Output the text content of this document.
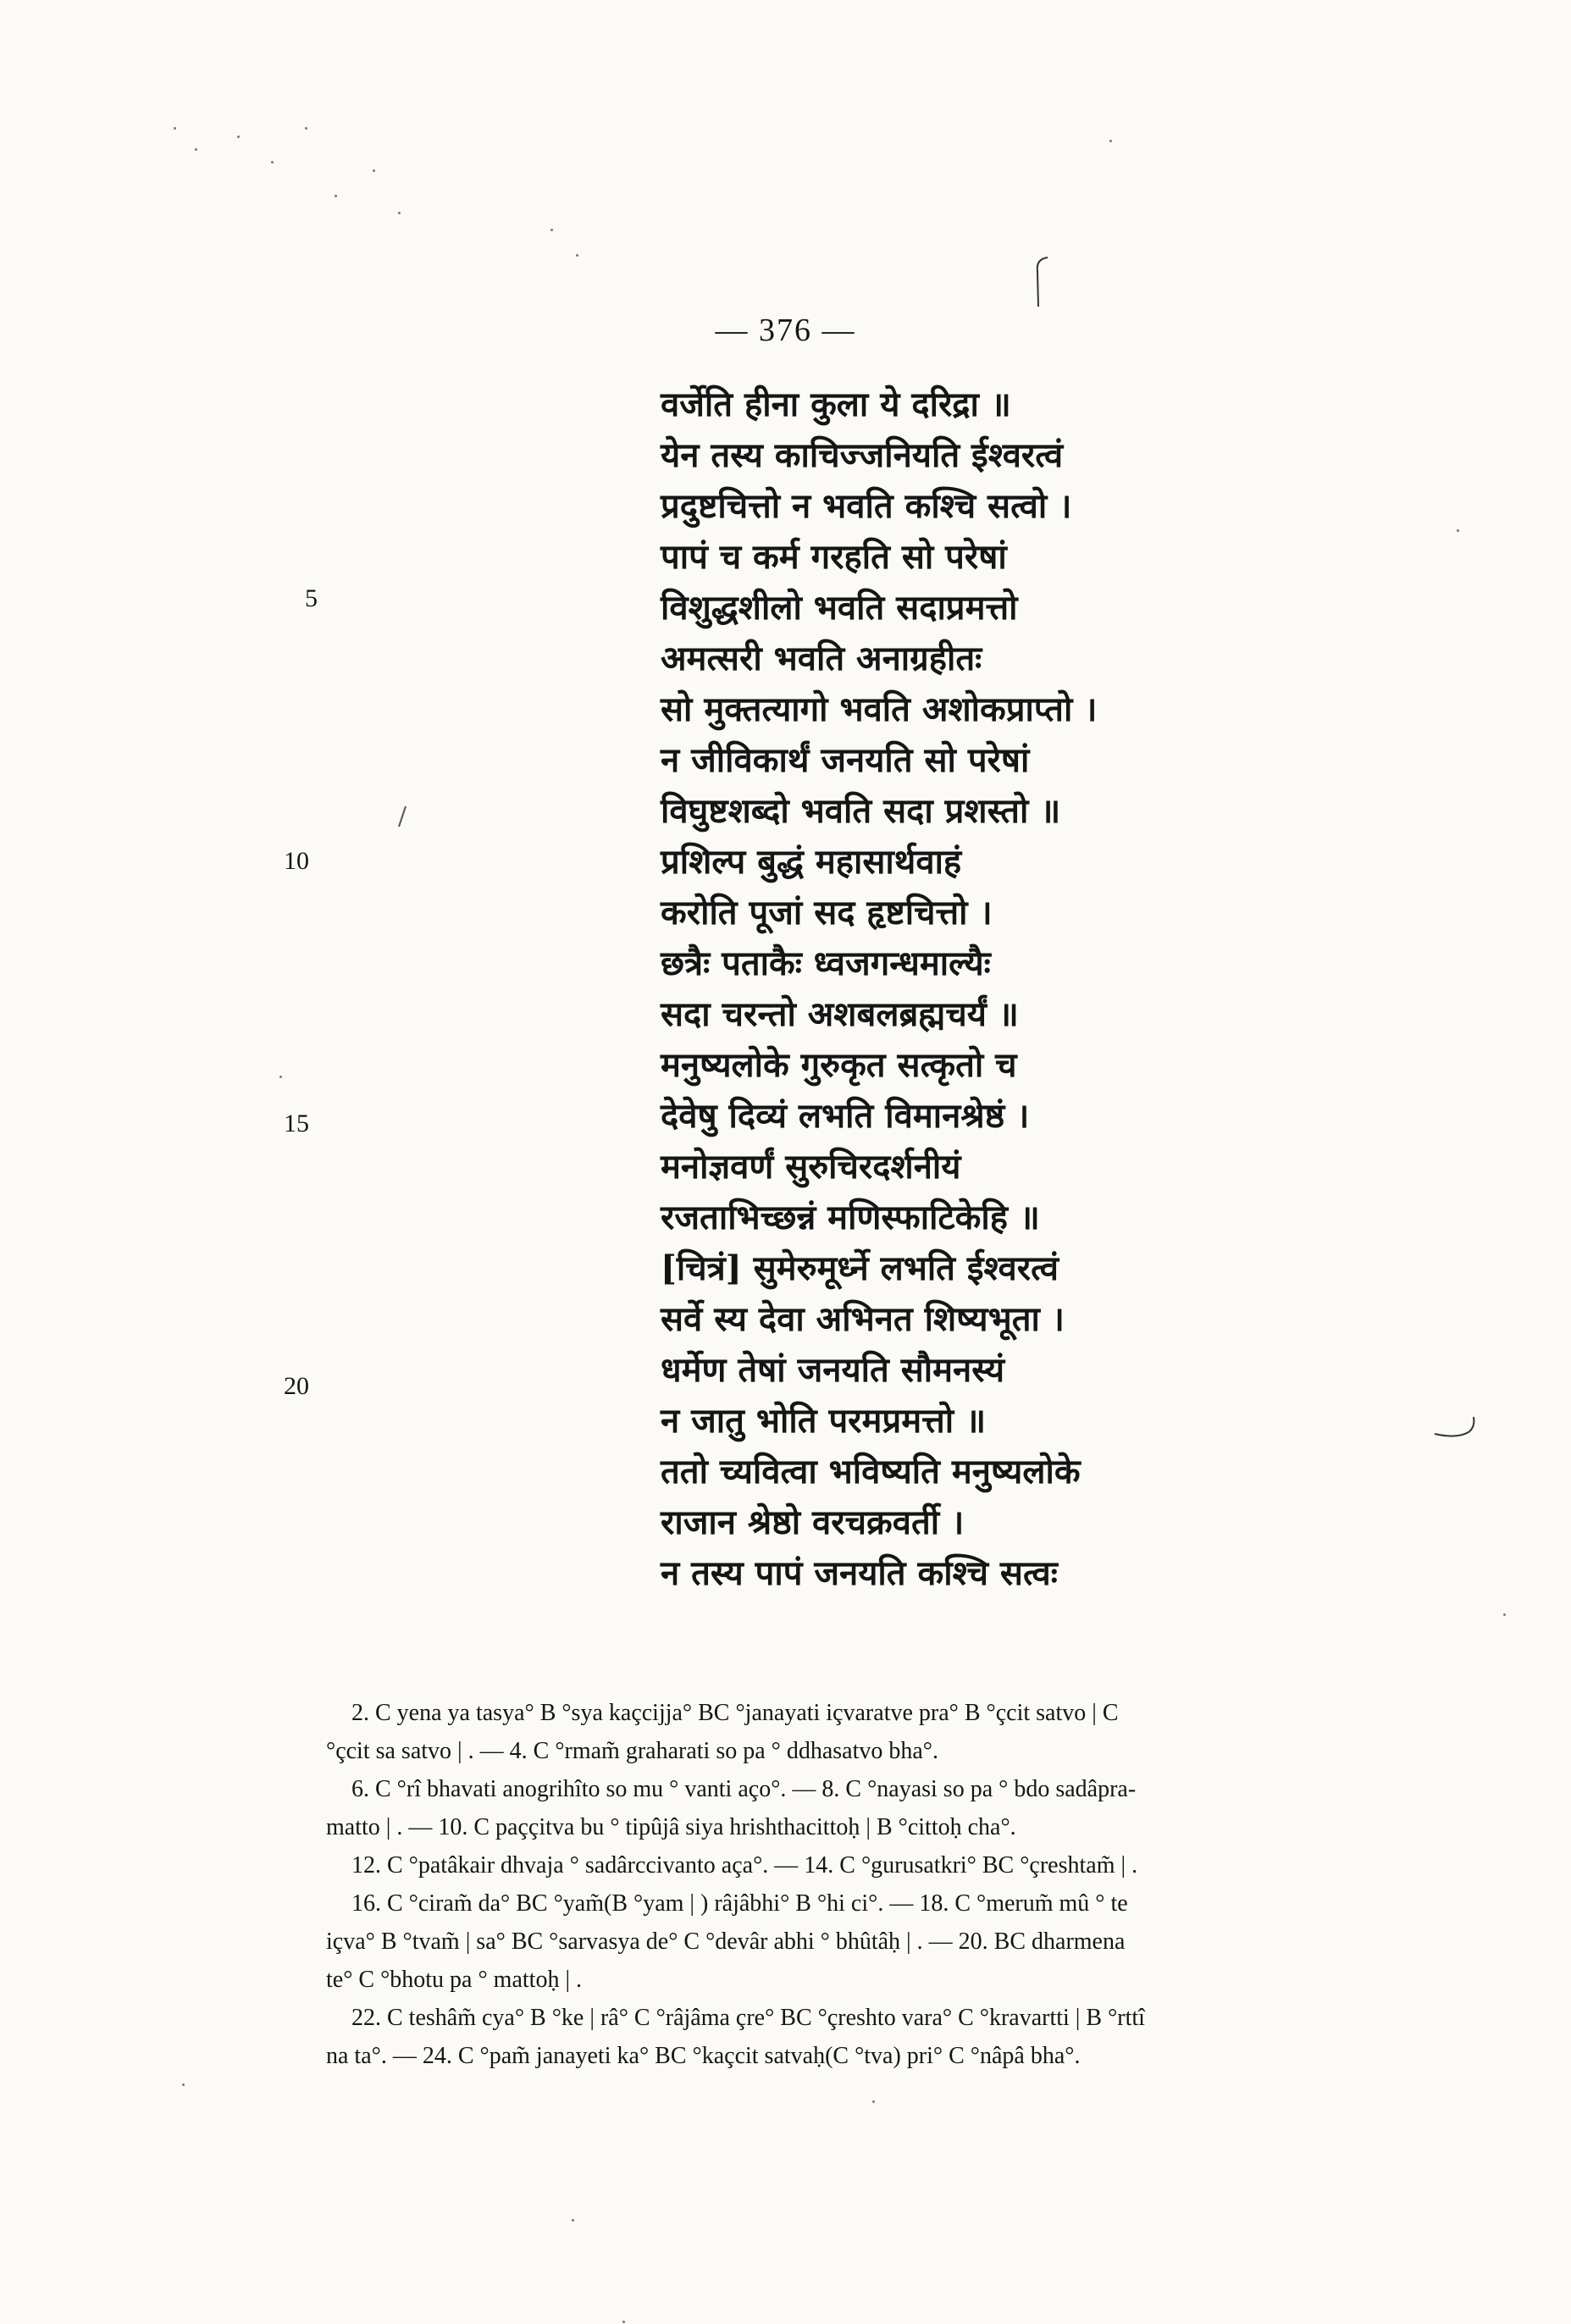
— 376 —
5
10
15
20
वर्जेति हीना कुला ये दरिद्रा ॥
येन तस्य काचिज्जनियति ईश्वरत्वं
प्रदुष्टचित्तो न भवति कश्चि सत्वो ।
पापं च कर्म गरहति सो परेषां
विशुद्धशीलो भवति सदाप्रमत्तो
अमत्सरी भवति अनाग्रहीतः
सो मुक्तत्यागो भवति अशोकप्राप्तो ।
न जीविकार्थं जनयति सो परेषां
विघुष्टशब्दो भवति सदा प्रशस्तो ॥
प्रशिल्प बुद्धं महासार्थवाहं
करोति पूजां सद हृष्टचित्तो ।
छत्रैः पताकैः ध्वजगन्धमाल्यैः
सदा चरन्तो अशबलब्रह्मचर्यं ॥
मनुष्यलोके गुरुकृत सत्कृतो च
देवेषु दिव्यं लभति विमानश्रेष्ठं ।
मनोज्ञवर्णं सुरुचिरदर्शनीयं
रजताभिच्छन्नं मणिस्फाटिकेहि ॥
[चित्रं] सुमेरुमूर्ध्ने लभति ईश्वरत्वं
सर्वे स्य देवा अभिनत शिष्यभूता ।
धर्मेण तेषां जनयति सौमनस्यं
न जातु भोति परमप्रमत्तो ॥
ततो च्यवित्वा भविष्यति मनुष्यलोके
राजान श्रेष्ठो वरचक्रवर्ती ।
न तस्य पापं जनयति कश्चि सत्वः
2. C yena ya tasya° B °sya kaçcijja° BC °janayati içvaratve pra° B °çcit satvo | C
°çcit sa satvo | . — 4. C °rmam̃ graharati so pa ° ddhasatvo bha°.
6. C °rî bhavati anogrihîto so mu ° vanti aço°. — 8. C °nayasi so pa ° bdo sadâpra-
matto | . — 10. C paççitva bu ° tipûjâ siya hrishthacittoḥ | B °cittoḥ cha°.
12. C °patâkair dhvaja ° sadârccivanto aça°. — 14. C °gurusatkri° BC °çreshtam̃ | .
16. C °ciram̃ da° BC °yam̃(B °yam | ) râjâbhi° B °hi ci°. — 18. C °merum̃ mû ° te
içva° B °tvam̃ | sa° BC °sarvasya de° C °devâr abhi ° bhûtâḥ | . — 20. BC dharmena
te° C °bhotu pa ° mattoḥ | .
22. C teshâm̃ cya° B °ke | râ° C °râjâma çre° BC °çreshto vara° C °kravartti | B °rttî
na ta°. — 24. C °pam̃ janayeti ka° BC °kaçcit satvaḥ(C °tva) pri° C °nâpâ bha°.
